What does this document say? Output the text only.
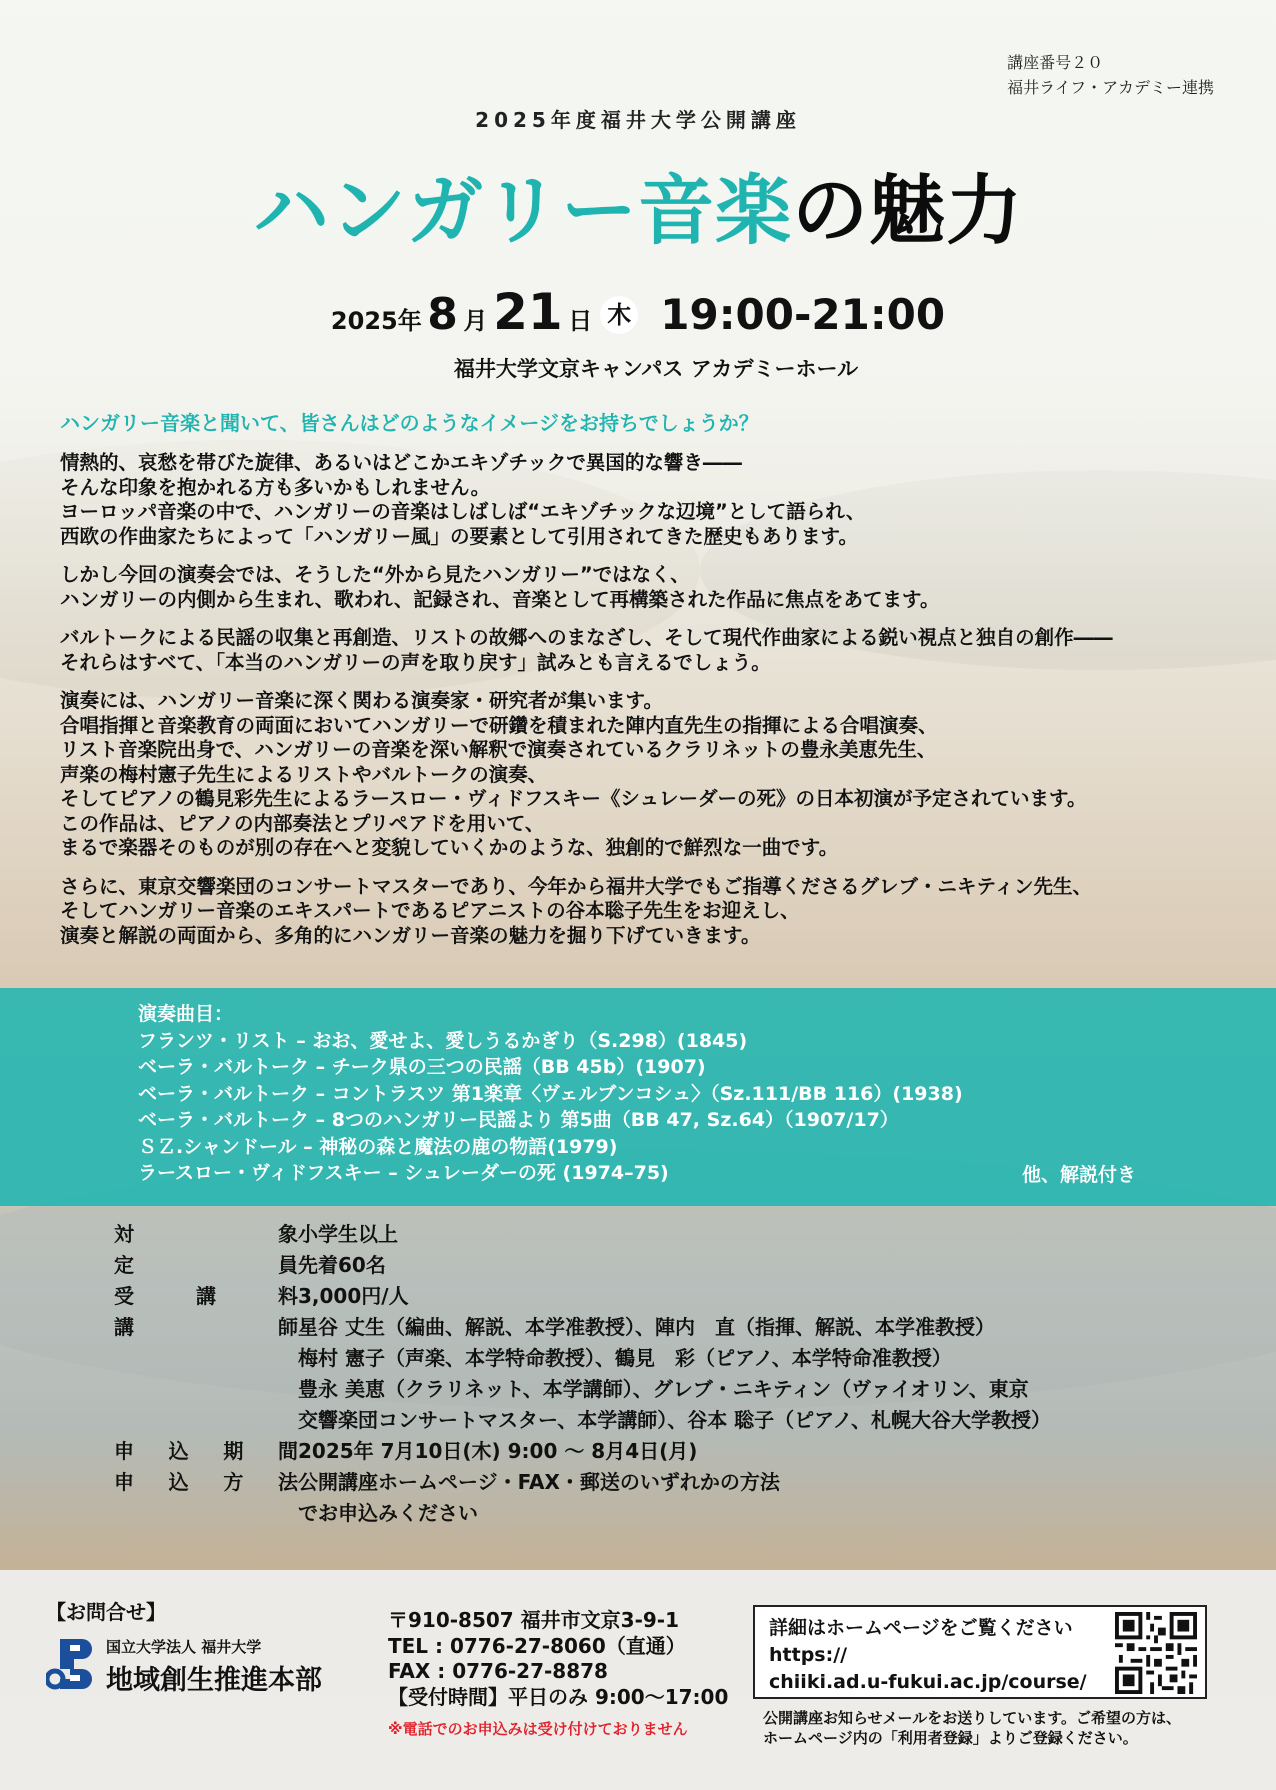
講座番号２０
福井ライフ・アカデミー連携
2025年度福井大学公開講座
ハンガリー音楽の魅力
2025年 8 月 21 日 木 19:00-21:00
福井大学文京キャンパス アカデミーホール
ハンガリー音楽と聞いて、皆さんはどのようなイメージをお持ちでしょうか？

情熱的、哀愁を帯びた旋律、あるいはどこかエキゾチックで異国的な響き――
そんな印象を抱かれる方も多いかもしれません。
ヨーロッパ音楽の中で、ハンガリーの音楽はしばしば“エキゾチックな辺境”として語られ、
西欧の作曲家たちによって「ハンガリー風」の要素として引用されてきた歴史もあります。

しかし今回の演奏会では、そうした“外から見たハンガリー”ではなく、
ハンガリーの内側から生まれ、歌われ、記録され、音楽として再構築された作品に焦点をあてます。

バルトークによる民謡の収集と再創造、リストの故郷へのまなざし、そして現代作曲家による鋭い視点と独自の創作――
それらはすべて、「本当のハンガリーの声を取り戻す」試みとも言えるでしょう。

演奏には、ハンガリー音楽に深く関わる演奏家・研究者が集います。
合唱指揮と音楽教育の両面においてハンガリーで研鑽を積まれた陣内直先生の指揮による合唱演奏、
リスト音楽院出身で、ハンガリーの音楽を深い解釈で演奏されているクラリネットの豊永美恵先生、
声楽の梅村憲子先生によるリストやバルトークの演奏、
そしてピアノの鶴見彩先生によるラースロー・ヴィドフスキー《シュレーダーの死》の日本初演が予定されています。
この作品は、ピアノの内部奏法とプリペアドを用いて、
まるで楽器そのものが別の存在へと変貌していくかのような、独創的で鮮烈な一曲です。

さらに、東京交響楽団のコンサートマスターであり、今年から福井大学でもご指導くださるグレブ・ニキティン先生、
そしてハンガリー音楽のエキスパートであるピアニストの谷本聡子先生をお迎えし、
演奏と解説の両面から、多角的にハンガリー音楽の魅力を掘り下げていきます。

演奏曲目：
フランツ・リスト – おお、愛せよ、愛しうるかぎり（S.298）(1845)
ベーラ・バルトーク – チーク県の三つの民謡（BB 45b）(1907)
ベーラ・バルトーク – コントラスツ 第1楽章〈ヴェルブンコシュ〉（Sz.111/BB 116）(1938)
ベーラ・バルトーク – 8つのハンガリー民謡より 第5曲（BB 47, Sz.64）（1907/17）
ＳＺ.シャンドール – 神秘の森と魔法の鹿の物語(1979)
ラースロー・ヴィドフスキー – シュレーダーの死 (1974–75)	他、解説付き
対	象 小学生以上
定	員 先着60名
受	講	料 3,000円/人
講	師 星谷 丈生（編曲、解説、本学准教授）、陣内　直（指揮、解説、本学准教授）
梅村 憲子（声楽、本学特命教授）、鶴見　彩（ピアノ、本学特命准教授）
豊永 美恵（クラリネット、本学講師）、グレブ・ニキティン（ヴァイオリン、東京
交響楽団コンサートマスター、本学講師）、谷本 聡子（ピアノ、札幌大谷大学教授）
申 込 期 間 2025年 7月10日(木) 9:00 ～ 8月4日(月)
申 込 方 法 公開講座ホームページ・FAX・郵送のいずれかの方法
でお申込みください
【お問合せ】
国立大学法人 福井大学
地域創生推進本部
〒910-8507 福井市文京3-9-1
TEL : 0776-27-8060（直通）
FAX : 0776-27-8878
【受付時間】平日のみ 9:00～17:00
※電話でのお申込みは受け付けておりません
詳細はホームページをご覧ください
https://
chiiki.ad.u-fukui.ac.jp/course/
公開講座お知らせメールをお送りしています。ご希望の方は、
ホームページ内の「利用者登録」よりご登録ください。
